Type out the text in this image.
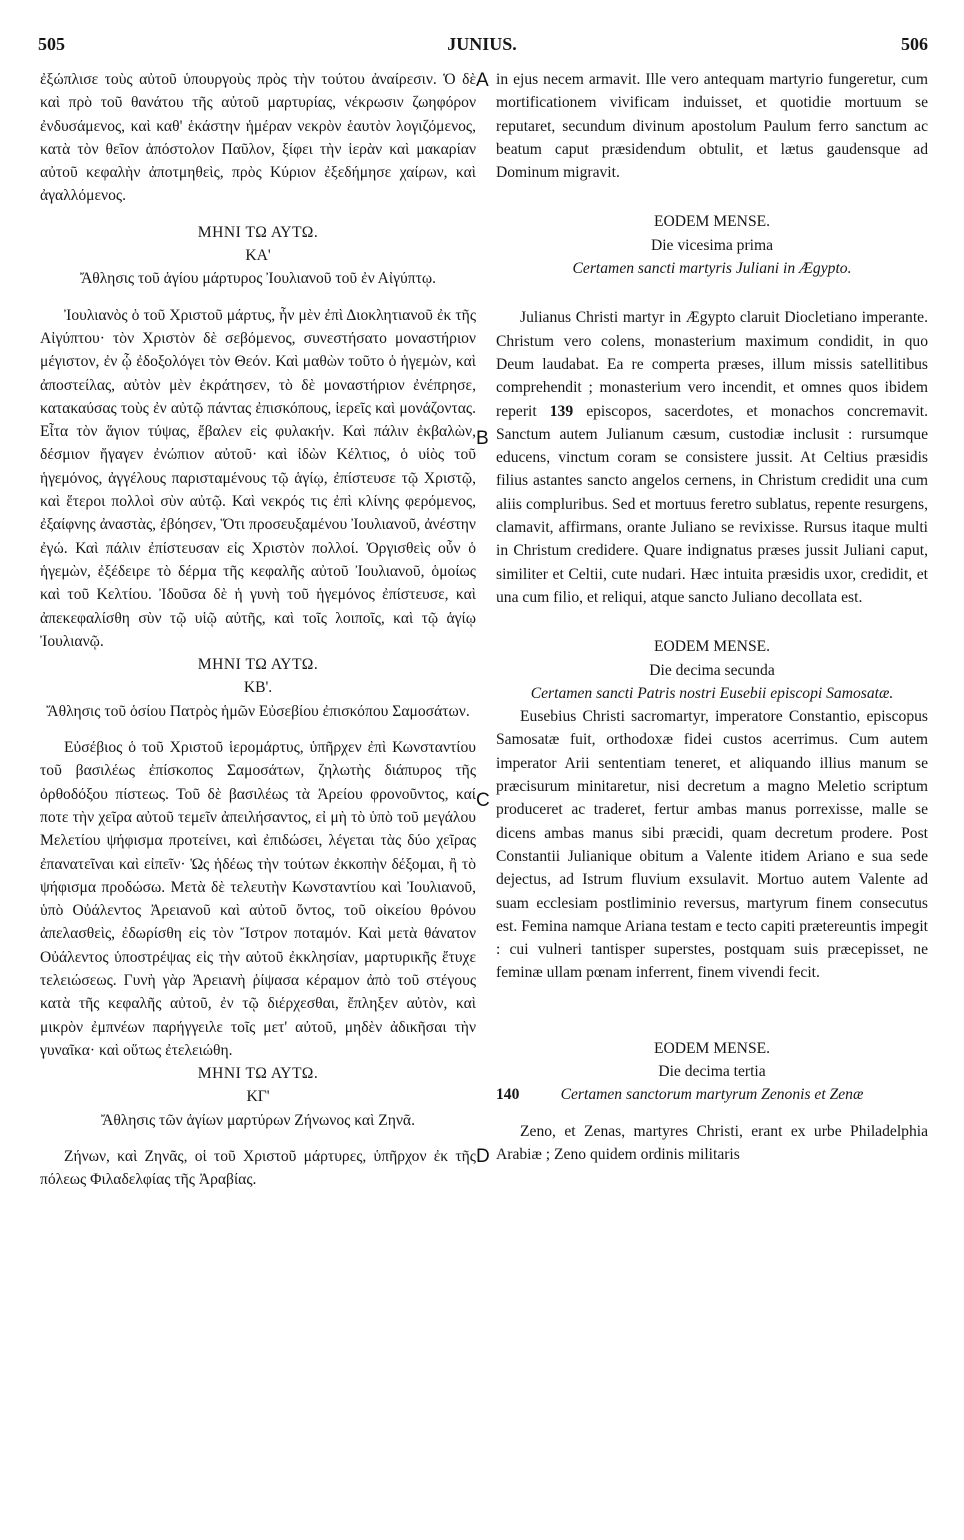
505	JUNIUS.	506
A
B
C
D

ἐξώπλισε τοὺς αὐτοῦ ὑπουργοὺς πρὸς τὴν τούτου ἀναίρεσιν. Ὁ δὲ καὶ πρὸ τοῦ θανάτου τῆς αὐτοῦ μαρτυρίας, νέκρωσιν ζωηφόρον ἐνδυσάμενος, καὶ καθ' ἑκάστην ἡμέραν νεκρὸν ἑαυτὸν λογιζόμενος, κατὰ τὸν θεῖον ἀπόστολον Παῦλον, ξίφει τὴν ἱερὰν καὶ μακαρίαν αὐτοῦ κεφαλὴν ἀποτμηθεὶς, πρὸς Κύριον ἐξεδήμησε χαίρων, καὶ ἀγαλλόμενος.

ΜΗΝΙ ΤΩ ΑΥΤΩ.
ΚΑ'
Ἄθλησις τοῦ ἁγίου μάρτυρος Ἰουλιανοῦ τοῦ ἐν Αἰγύπτῳ.

Ἰουλιανὸς ὁ τοῦ Χριστοῦ μάρτυς, ἦν μὲν ἐπὶ Διοκλητιανοῦ ἐκ τῆς Αἰγύπτου· τὸν Χριστὸν δὲ σεβόμενος, συνεστήσατο μοναστήριον μέγιστον, ἐν ᾧ ἐδοξολόγει τὸν Θεόν. Καὶ μαθὼν τοῦτο ὁ ἡγεμὼν, καὶ ἀποστείλας, αὐτὸν μὲν ἐκράτησεν, τὸ δὲ μοναστήριον ἐνέπρησε, κατακαύσας τοὺς ἐν αὐτῷ πάντας ἐπισκόπους, ἱερεῖς καὶ μονάζοντας. Εἶτα τὸν ἅγιον τύψας, ἔβαλεν εἰς φυλακήν. Καὶ πάλιν ἐκβαλὼν, δέσμιον ἤγαγεν ἐνώπιον αὐτοῦ· καὶ ἰδὼν Κέλτιος, ὁ υἱὸς τοῦ ἡγεμόνος, ἀγγέλους παρισταμένους τῷ ἁγίῳ, ἐπίστευσε τῷ Χριστῷ, καὶ ἕτεροι πολλοὶ σὺν αὐτῷ. Καὶ νεκρός τις ἐπὶ κλίνης φερόμενος, ἐξαίφνης ἀναστὰς, ἐβόησεν, Ὅτι προσευξαμένου Ἰουλιανοῦ, ἀνέστην ἐγώ. Καὶ πάλιν ἐπίστευσαν εἰς Χριστὸν πολλοί. Ὀργισθεὶς οὖν ὁ ἡγεμὼν, ἐξέδειρε τὸ δέρμα τῆς κεφαλῆς αὐτοῦ Ἰουλιανοῦ, ὁμοίως καὶ τοῦ Κελτίου. Ἰδοῦσα δὲ ἡ γυνὴ τοῦ ἡγεμόνος ἐπίστευσε, καὶ ἀπεκεφαλίσθη σὺν τῷ υἱῷ αὐτῆς, καὶ τοῖς λοιποῖς, καὶ τῷ ἁγίῳ Ἰουλιανῷ.

ΜΗΝΙ ΤΩ ΑΥΤΩ.
ΚΒ'.
Ἄθλησις τοῦ ὁσίου Πατρὸς ἡμῶν Εὐσεβίου ἐπισκόπου Σαμοσάτων.

Εὐσέβιος ὁ τοῦ Χριστοῦ ἱερομάρτυς, ὑπῆρχεν ἐπὶ Κωνσταντίου τοῦ βασιλέως ἐπίσκοπος Σαμοσάτων, ζηλωτὴς διάπυρος τῆς ὀρθοδόξου πίστεως. Τοῦ δὲ βασιλέως τὰ Ἀρείου φρονοῦντος, καί ποτε τὴν χεῖρα αὐτοῦ τεμεῖν ἀπειλήσαντος, εἰ μὴ τὸ ὑπὸ τοῦ μεγάλου Μελετίου ψήφισμα προτείνει, καὶ ἐπιδώσει, λέγεται τὰς δύο χεῖρας ἐπανατεῖναι καὶ εἰπεῖν· Ὡς ἡδέως τὴν τούτων ἐκκοπὴν δέξομαι, ἢ τὸ ψήφισμα προδώσω. Μετὰ δὲ τελευτὴν Κωνσταντίου καὶ Ἰουλιανοῦ, ὑπὸ Οὐάλεντος Ἀρειανοῦ καὶ αὐτοῦ ὄντος, τοῦ οἰκείου θρόνου ἀπελασθεὶς, ἐδωρίσθη εἰς τὸν Ἴστρον ποταμόν. Καὶ μετὰ θάνατον Οὐάλεντος ὑποστρέψας εἰς τὴν αὐτοῦ ἐκκλησίαν, μαρτυρικῆς ἔτυχε τελειώσεως. Γυνὴ γὰρ Ἀρειανὴ ῥίψασα κέραμον ἀπὸ τοῦ στέγους κατὰ τῆς κεφαλῆς αὐτοῦ, ἐν τῷ διέρχεσθαι, ἔπληξεν αὐτὸν, καὶ μικρὸν ἐμπνέων παρήγγειλε τοῖς μετ' αὐτοῦ, μηδὲν ἀδικῆσαι τὴν γυναῖκα· καὶ οὕτως ἐτελειώθη.

ΜΗΝΙ ΤΩ ΑΥΤΩ.
ΚΓ'
Ἄθλησις τῶν ἁγίων μαρτύρων Ζήνωνος καὶ Ζηνᾶ.

Ζήνων, καὶ Ζηνᾶς, οἱ τοῦ Χριστοῦ μάρτυρες, ὑπῆρχον ἐκ τῆς πόλεως Φιλαδελφίας τῆς Ἀραβίας.

in ejus necem armavit. Ille vero antequam martyrio fungeretur, cum mortificationem vivificam induisset, et quotidie mortuum se reputaret, secundum divinum apostolum Paulum ferro sanctum ac beatum caput præsidendum obtulit, et lætus gaudensque ad Dominum migravit.

EODEM MENSE.
Die vicesima prima
Certamen sancti martyris Juliani in Ægypto.

Julianus Christi martyr in Ægypto claruit Diocletiano imperante. Christum vero colens, monasterium maximum condidit, in quo Deum laudabat. Ea re comperta præses, illum missis satellitibus comprehendit ; monasterium vero incendit, et omnes quos ibidem reperit 139 episcopos, sacerdotes, et monachos concremavit. Sanctum autem Julianum cæsum, custodiæ inclusit : rursumque educens, vinctum coram se consistere jussit. At Celtius præsidis filius astantes sancto angelos cernens, in Christum credidit una cum aliis compluribus. Sed et mortuus feretro sublatus, repente resurgens, clamavit, affirmans, orante Juliano se revixisse. Rursus itaque multi in Christum credidere. Quare indignatus præses jussit Juliani caput, similiter et Celtii, cute nudari. Hæc intuita præsidis uxor, credidit, et una cum filio, et reliqui, atque sancto Juliano decollata est.

EODEM MENSE.
Die decima secunda
Certamen sancti Patris nostri Eusebii episcopi Samosatæ.

Eusebius Christi sacromartyr, imperatore Constantio, episcopus Samosatæ fuit, orthodoxæ fidei custos acerrimus. Cum autem imperator Arii sententiam teneret, et aliquando illius manum se præcisurum minitaretur, nisi decretum a magno Meletio scriptum produceret ac traderet, fertur ambas manus porrexisse, malle se dicens ambas manus sibi præcidi, quam decretum prodere. Post Constantii Julianique obitum a Valente itidem Ariano e sua sede dejectus, ad Istrum fluvium exsulavit. Mortuo autem Valente ad suam ecclesiam postliminio reversus, martyrum finem consecutus est. Femina namque Ariana testam e tecto capiti prætereuntis impegit : cui vulneri tantisper superstes, postquam suis præcepisset, ne feminæ ullam pœnam inferrent, finem vivendi fecit.

EODEM MENSE.
Die decima tertia
140	Certamen sanctorum martyrum Zenonis et Zenæ

Zeno, et Zenas, martyres Christi, erant ex urbe Philadelphia Arabiæ ; Zeno quidem ordinis militaris
